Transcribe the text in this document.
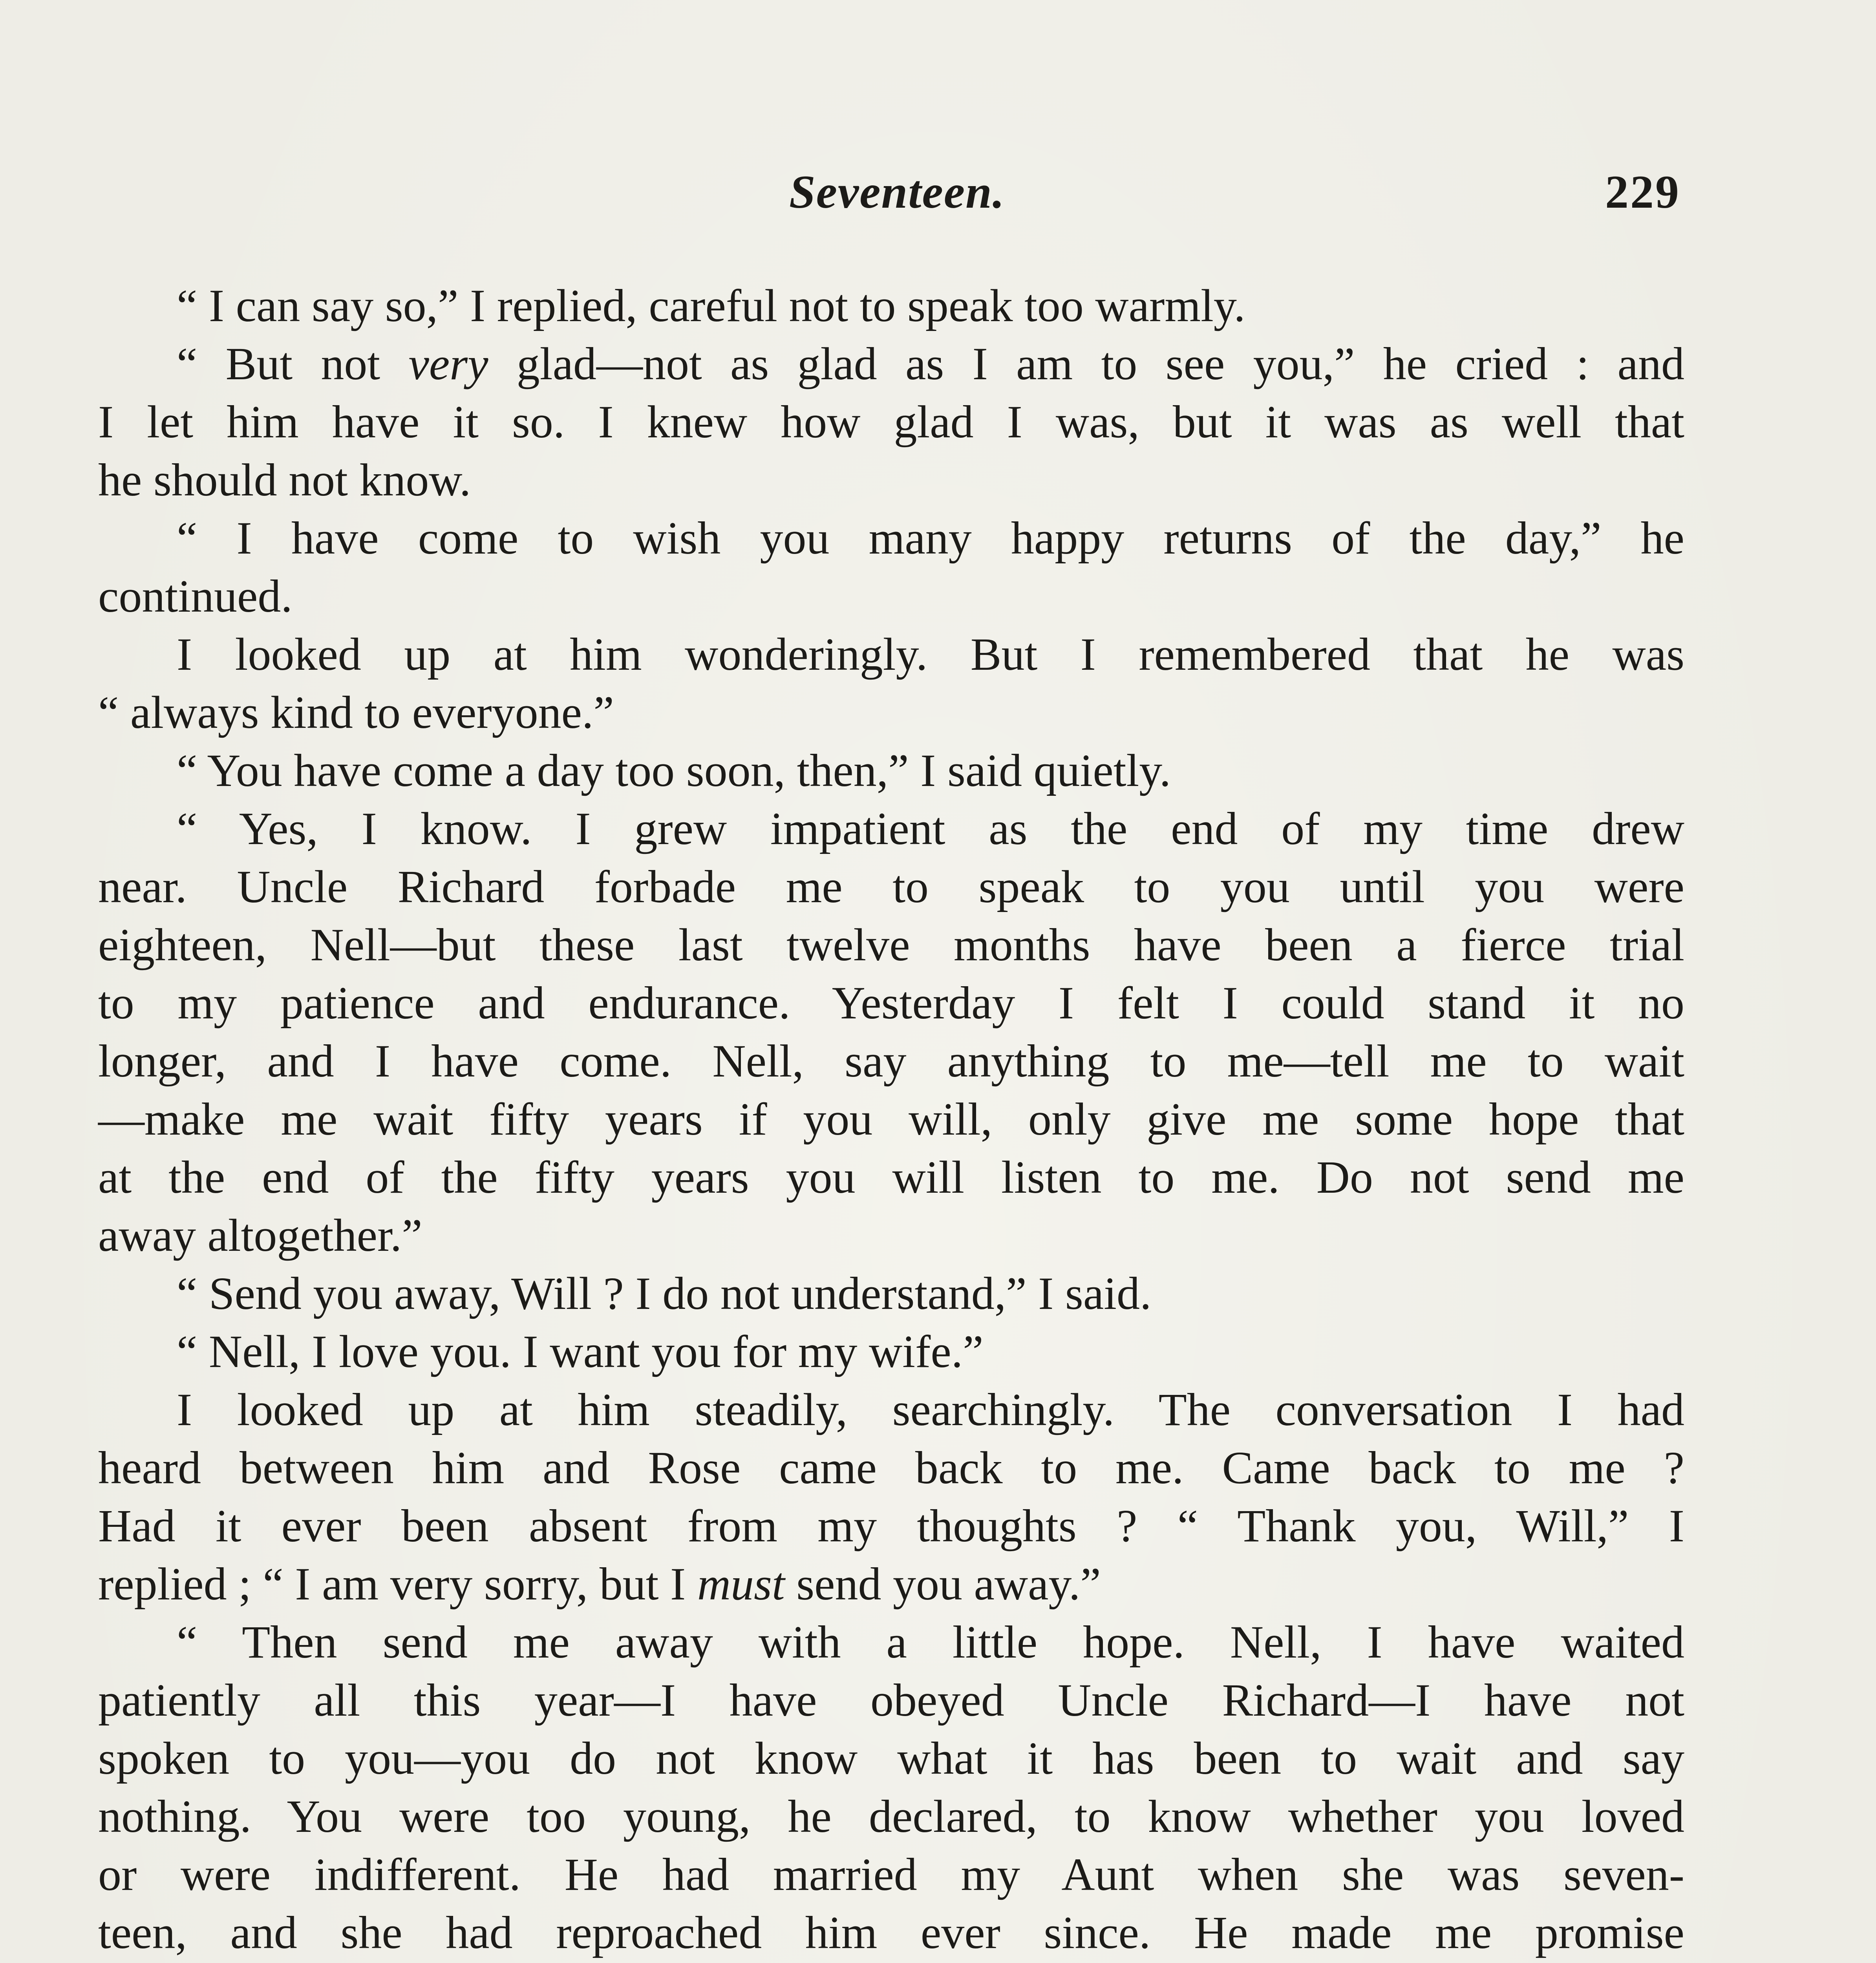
Seventeen.	229
“ I can say so,” I replied, careful not to speak too warmly.
“ But not very glad—not as glad as I am to see you,” he cried : and
I let him have it so. I knew how glad I was, but it was as well that
he should not know.
“ I have come to wish you many happy returns of the day,” he
continued.
I looked up at him wonderingly. But I remembered that he was
“ always kind to everyone.”
“ You have come a day too soon, then,” I said quietly.
“ Yes, I know. I grew impatient as the end of my time drew
near. Uncle Richard forbade me to speak to you until you were
eighteen, Nell—but these last twelve months have been a fierce trial
to my patience and endurance. Yesterday I felt I could stand it no
longer, and I have come. Nell, say anything to me—tell me to wait
—make me wait fifty years if you will, only give me some hope that
at the end of the fifty years you will listen to me. Do not send me
away altogether.”
“ Send you away, Will ? I do not understand,” I said.
“ Nell, I love you. I want you for my wife.”
I looked up at him steadily, searchingly. The conversation I had
heard between him and Rose came back to me. Came back to me ?
Had it ever been absent from my thoughts ? “ Thank you, Will,” I
replied ; “ I am very sorry, but I must send you away.”
“ Then send me away with a little hope. Nell, I have waited
patiently all this year—I have obeyed Uncle Richard—I have not
spoken to you—you do not know what it has been to wait and say
nothing. You were too young, he declared, to know whether you loved
or were indifferent. He had married my Aunt when she was seven-
teen, and she had reproached him ever since. He made me promise
